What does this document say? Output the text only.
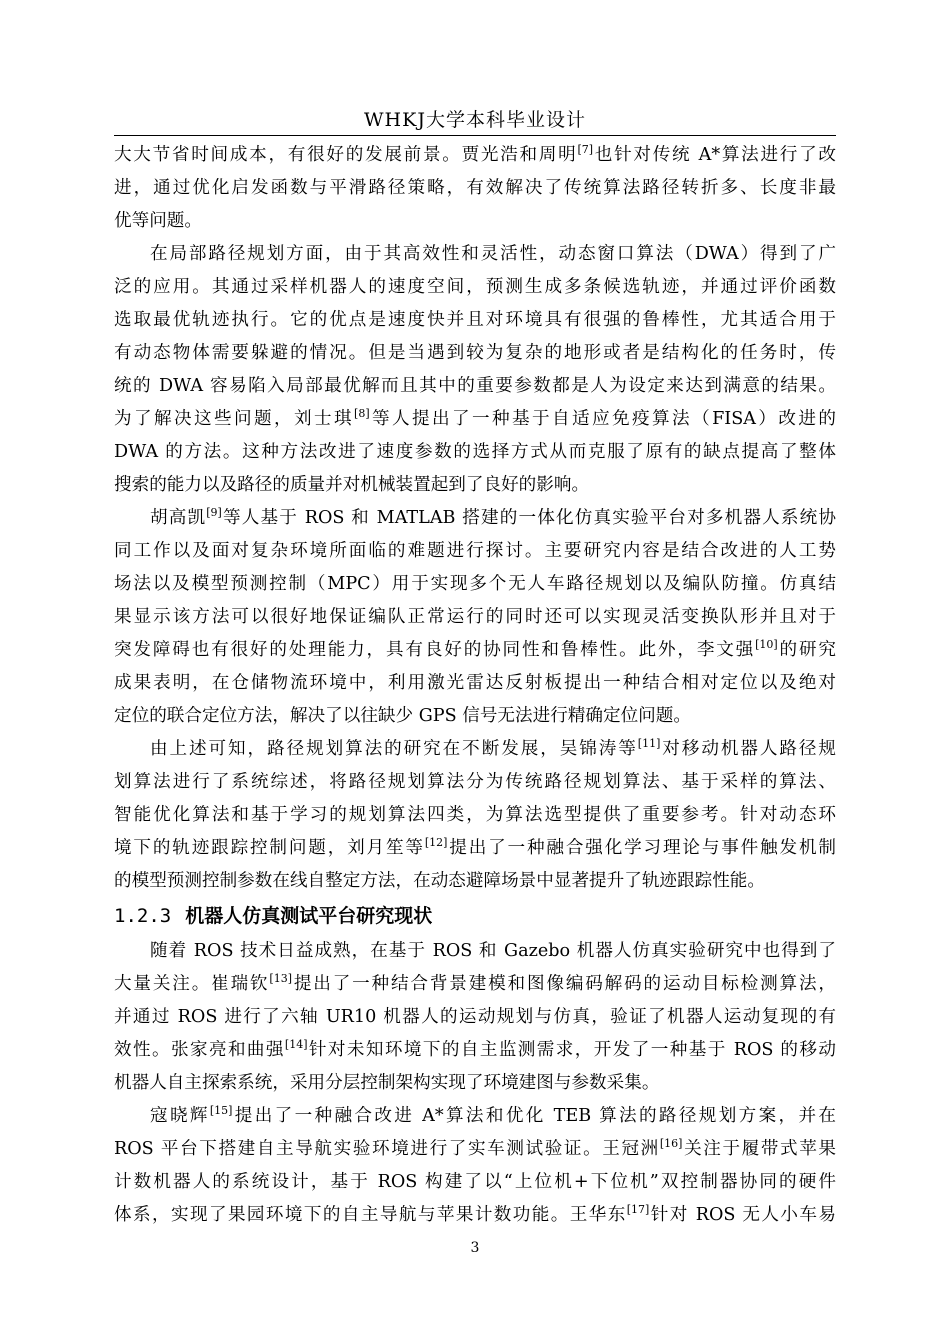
WHKJ大学本科毕业设计
大大节省时间成本，有很好的发展前景。贾光浩和周明[7]也针对传统 A*算法进行了改
进，通过优化启发函数与平滑路径策略，有效解决了传统算法路径转折多、长度非最
优等问题。
在局部路径规划方面，由于其高效性和灵活性，动态窗口算法（DWA）得到了广
泛的应用。其通过采样机器人的速度空间，预测生成多条候选轨迹，并通过评价函数
选取最优轨迹执行。它的优点是速度快并且对环境具有很强的鲁棒性，尤其适合用于
有动态物体需要躲避的情况。但是当遇到较为复杂的地形或者是结构化的任务时，传
统的 DWA 容易陷入局部最优解而且其中的重要参数都是人为设定来达到满意的结果。
为了解决这些问题，刘士琪[8]等人提出了一种基于自适应免疫算法（FISA）改进的
DWA 的方法。这种方法改进了速度参数的选择方式从而克服了原有的缺点提高了整体
搜索的能力以及路径的质量并对机械装置起到了良好的影响。
胡高凯[9]等人基于 ROS 和 MATLAB 搭建的一体化仿真实验平台对多机器人系统协
同工作以及面对复杂环境所面临的难题进行探讨。主要研究内容是结合改进的人工势
场法以及模型预测控制（MPC）用于实现多个无人车路径规划以及编队防撞。仿真结
果显示该方法可以很好地保证编队正常运行的同时还可以实现灵活变换队形并且对于
突发障碍也有很好的处理能力，具有良好的协同性和鲁棒性。此外，李文强[10]的研究
成果表明，在仓储物流环境中，利用激光雷达反射板提出一种结合相对定位以及绝对
定位的联合定位方法，解决了以往缺少 GPS 信号无法进行精确定位问题。
由上述可知，路径规划算法的研究在不断发展，吴锦涛等[11]对移动机器人路径规
划算法进行了系统综述，将路径规划算法分为传统路径规划算法、基于采样的算法、
智能优化算法和基于学习的规划算法四类，为算法选型提供了重要参考。针对动态环
境下的轨迹跟踪控制问题，刘月笙等[12]提出了一种融合强化学习理论与事件触发机制
的模型预测控制参数在线自整定方法，在动态避障场景中显著提升了轨迹跟踪性能。
1.2.3 机器人仿真测试平台研究现状
随着 ROS 技术日益成熟，在基于 ROS 和 Gazebo 机器人仿真实验研究中也得到了
大量关注。崔瑞钦[13]提出了一种结合背景建模和图像编码解码的运动目标检测算法，
并通过 ROS 进行了六轴 UR10 机器人的运动规划与仿真，验证了机器人运动复现的有
效性。张家亮和曲强[14]针对未知环境下的自主监测需求，开发了一种基于 ROS 的移动
机器人自主探索系统，采用分层控制架构实现了环境建图与参数采集。
寇晓辉[15]提出了一种融合改进 A*算法和优化 TEB 算法的路径规划方案，并在
ROS 平台下搭建自主导航实验环境进行了实车测试验证。王冠洲[16]关注于履带式苹果
计数机器人的系统设计，基于 ROS 构建了以“上位机+下位机”双控制器协同的硬件
体系，实现了果园环境下的自主导航与苹果计数功能。王华东[17]针对 ROS 无人小车易
3
